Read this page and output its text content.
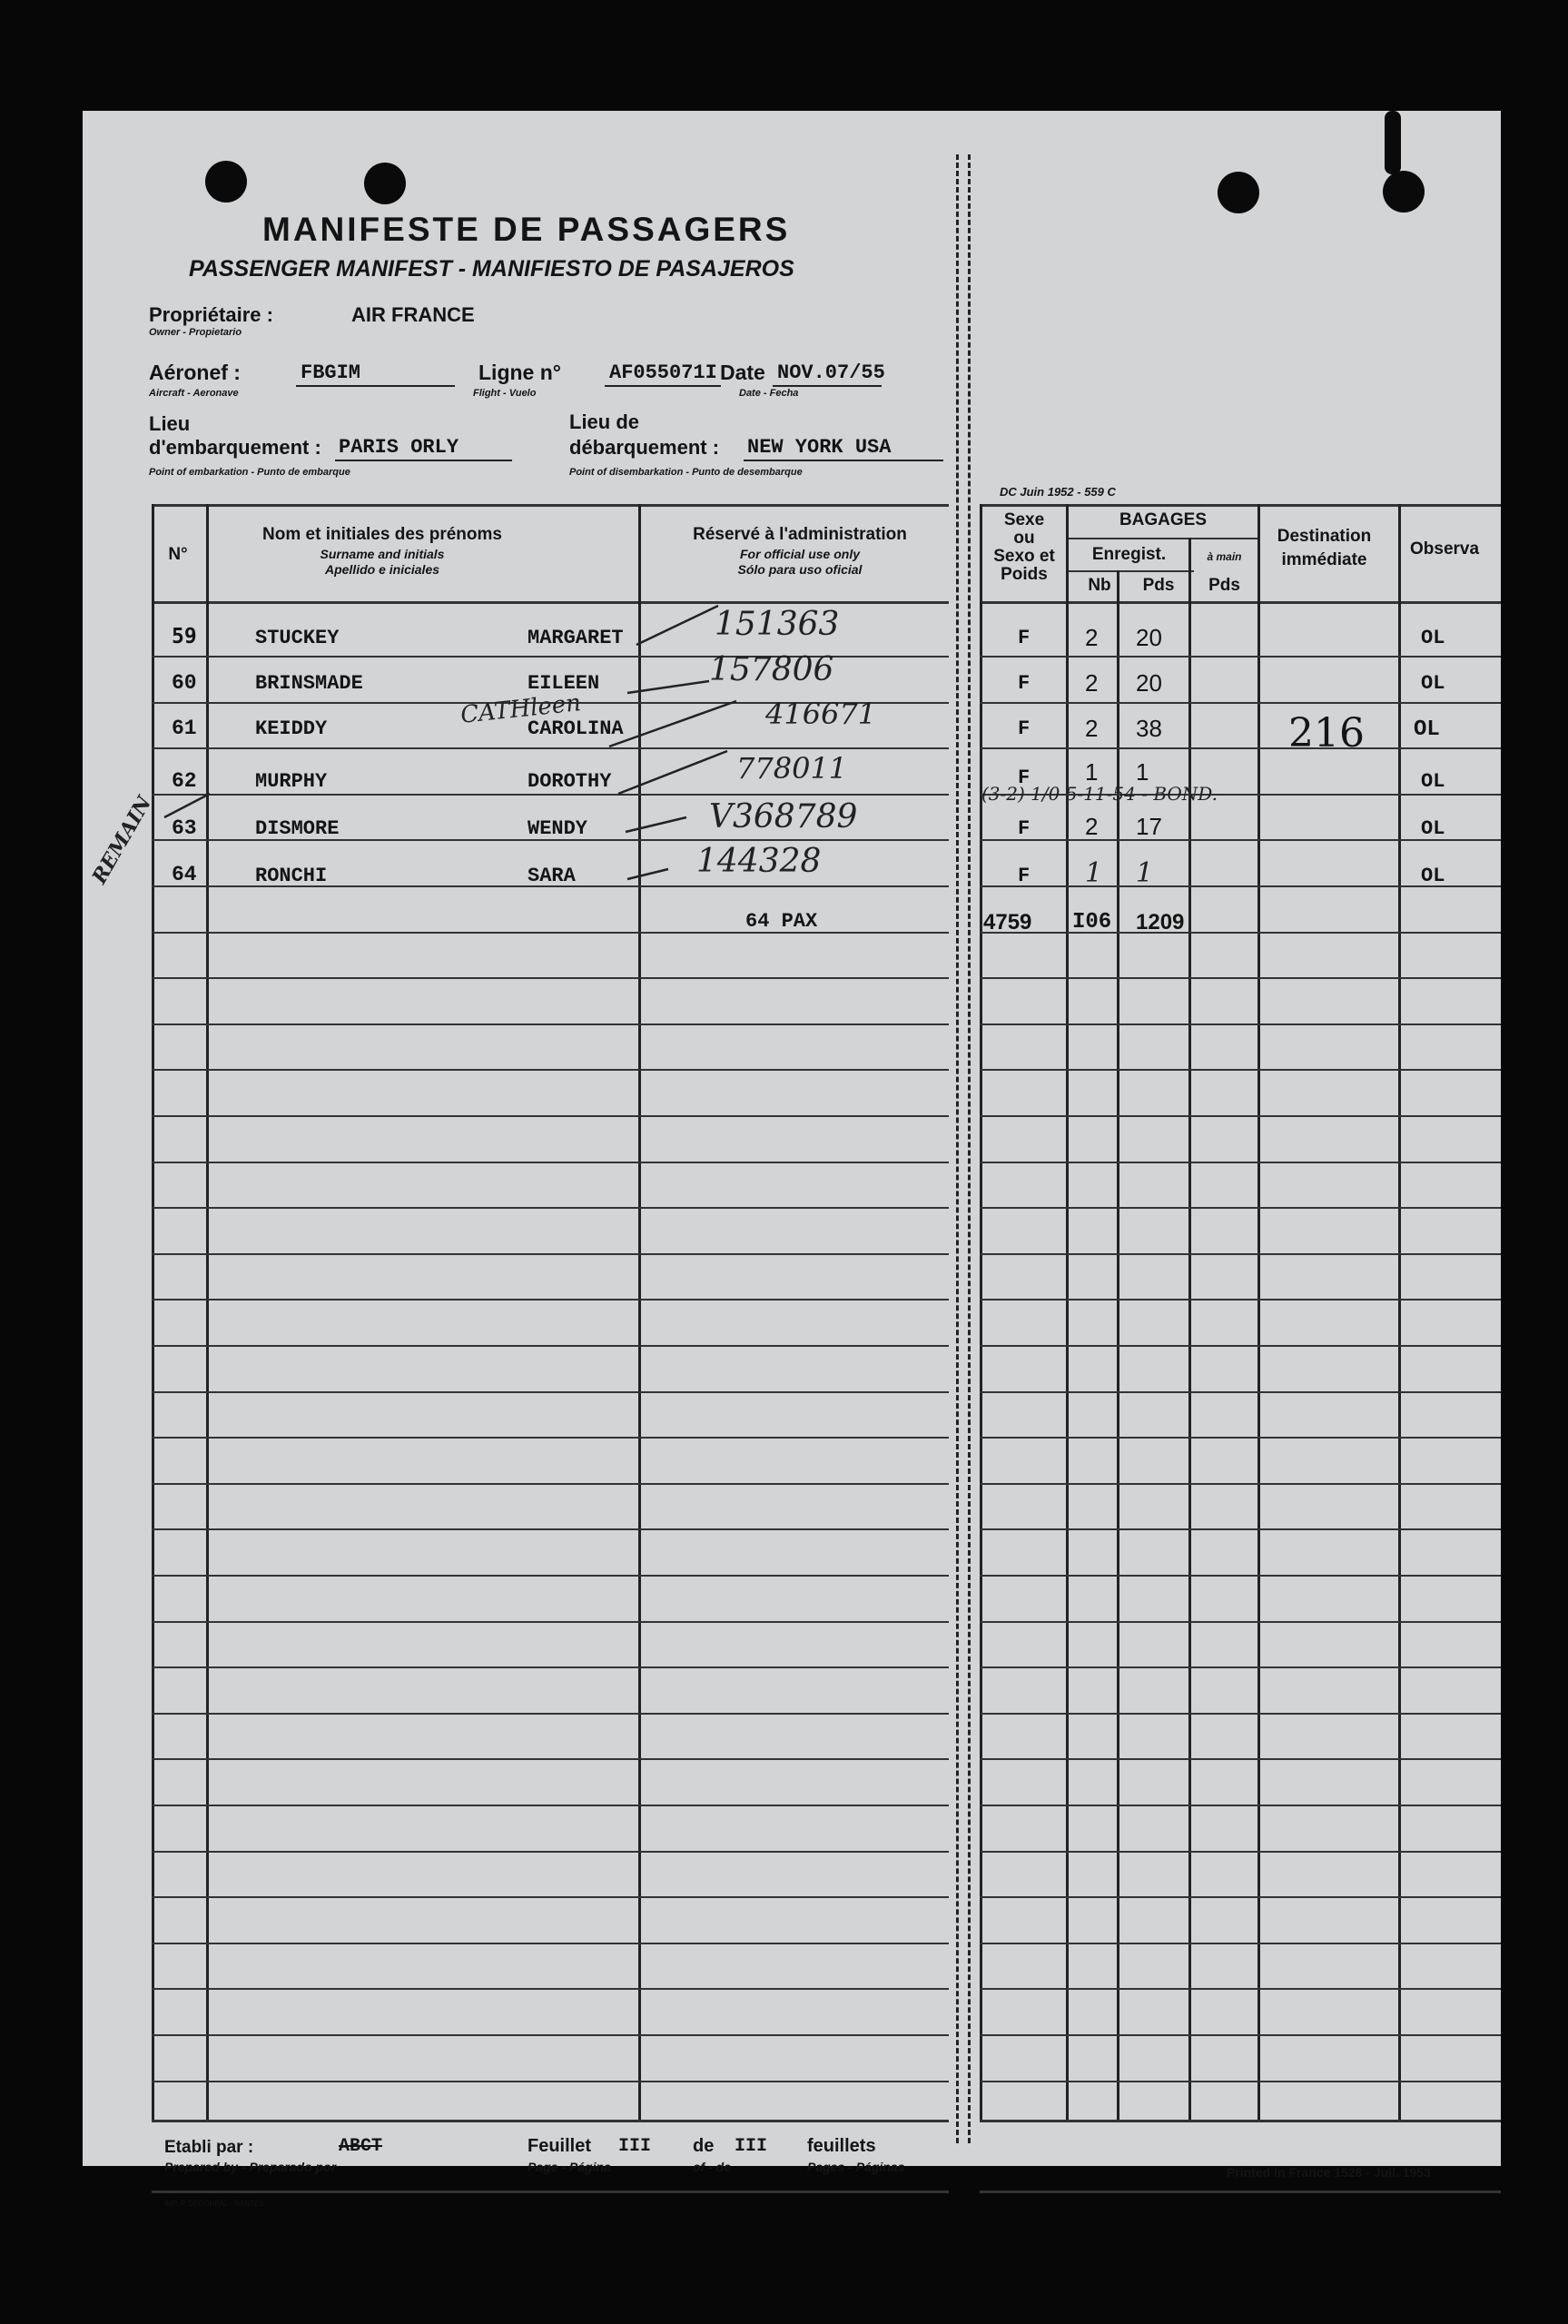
MANIFESTE DE PASSAGERS
PASSENGER MANIFEST - MANIFIESTO DE PASAJEROS
Propriétaire :	AIR FRANCE
Owner - Propietario
Aéronef :	FBGIM
Aircraft - Aeronave
Ligne n° AF055071I
Flight - Vuelo
Date NOV.07/55
Date - Fecha
Lieu
d'embarquement : PARIS ORLY
Point of embarkation - Punto de embarque
Lieu de
débarquement : NEW YORK USA
Point of disembarkation - Punto de desembarque
DC Juin 1952 - 559 C
N°
Nom et initiales des prénoms
Surname and initials
Apellido e iniciales
Réservé à l'administration
For official use only
Sólo para uso oficial
Sexe
ou
Sexo et
Poids
BAGAGES
Enregist.
Nb	Pds
à main
Pds
Destination
immédiate
Observa
59	STUCKEY	MARGARET	151363	F 2 20	OL
60	BRINSMADE	EILEEN	157806	F 2 20	OL
61	KEIDDY	CAROLINA	416671	F 2 38	216 OL
62	MURPHY	DOROTHY	778011	F 1 1	OL
63	DISMORE	WENDY	V368789	F 2 17	OL
64	RONCHI	SARA	144328	F 1 1	OL
CATHleen
(3-2) 1/0 5-11-54 - BOND.
REMAIN
64 PAX	4759 I06 1209
Etabli par :	ABCT
Prepared by - Preparado por
Feuillet III de III feuillets
Page - Página	of - de	Pages - Páginas
IMP. P. DECORBAL - NANTES
Printed in France 1528 - Juil. 1953
